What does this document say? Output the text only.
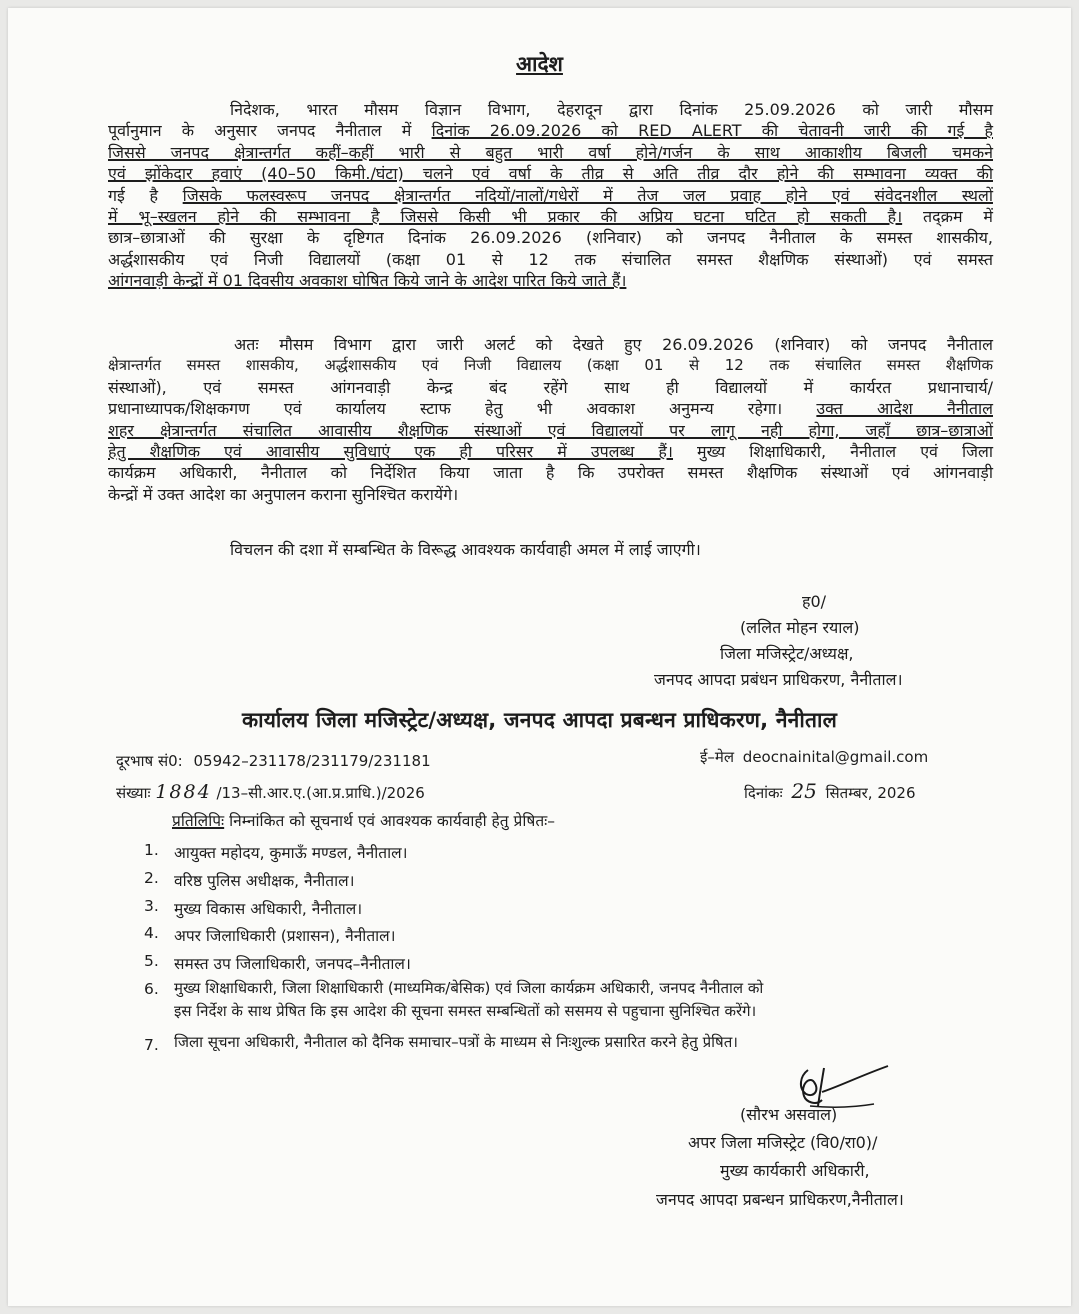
आदेश
निदेशक, भारत मौसम विज्ञान विभाग, देहरादून द्वारा दिनांक 25.09.2026 को जारी मौसम
पूर्वानुमान के अनुसार जनपद नैनीताल में दिनांक 26.09.2026 को RED ALERT की चेतावनी जारी की गई है
जिससे जनपद क्षेत्रान्तर्गत कहीं–कहीं भारी से बहुत भारी वर्षा होने/गर्जन के साथ आकाशीय बिजली चमकने
एवं झोंकेदार हवाएं (40–50 किमी./घंटा) चलने एवं वर्षा के तीव्र से अति तीव्र दौर होने की सम्भावना व्यक्त की
गई है जिसके फलस्वरूप जनपद क्षेत्रान्तर्गत नदियों/नालों/गधेरों में तेज जल प्रवाह होने एवं संवेदनशील स्थलों
में भू–स्खलन होने की सम्भावना है जिससे किसी भी प्रकार की अप्रिय घटना घटित हो सकती है। तद्क्रम में
छात्र–छात्राओं की सुरक्षा के दृष्टिगत दिनांक 26.09.2026 (शनिवार) को जनपद नैनीताल के समस्त शासकीय,
अर्द्धशासकीय एवं निजी विद्यालयों (कक्षा 01 से 12 तक संचालित समस्त शैक्षणिक संस्थाओं) एवं समस्त
आंगनवाड़ी केन्द्रों में 01 दिवसीय अवकाश घोषित किये जाने के आदेश पारित किये जाते हैं।
अतः मौसम विभाग द्वारा जारी अलर्ट को देखते हुए 26.09.2026 (शनिवार) को जनपद नैनीताल
क्षेत्रान्तर्गत समस्त शासकीय, अर्द्धशासकीय एवं निजी विद्यालय (कक्षा 01 से 12 तक संचालित समस्त शैक्षणिक
संस्थाओं), एवं समस्त आंगनवाड़ी केन्द्र बंद रहेंगे साथ ही विद्यालयों में कार्यरत प्रधानाचार्य/
प्रधानाध्यापक/शिक्षकगण एवं कार्यालय स्टाफ हेतु भी अवकाश अनुमन्य रहेगा। उक्त आदेश नैनीताल
शहर क्षेत्रान्तर्गत संचालित आवासीय शैक्षणिक संस्थाओं एवं विद्यालयों पर लागू नही होगा, जहाँ छात्र–छात्राओं
हेतु शैक्षणिक एवं आवासीय सुविधाएं एक ही परिसर में उपलब्ध हैं। मुख्य शिक्षाधिकारी, नैनीताल एवं जिला
कार्यक्रम अधिकारी, नैनीताल को निर्देशित किया जाता है कि उपरोक्त समस्त शैक्षणिक संस्थाओं एवं आंगनवाड़ी
केन्द्रों में उक्त आदेश का अनुपालन कराना सुनिश्चित करायेंगे।
विचलन की दशा में सम्बन्धित के विरूद्ध आवश्यक कार्यवाही अमल में लाई जाएगी।
ह0/
(ललित मोहन रयाल)
जिला मजिस्ट्रेट/अध्यक्ष,
जनपद आपदा प्रबंधन प्राधिकरण, नैनीताल।
कार्यालय जिला मजिस्ट्रेट/अध्यक्ष, जनपद आपदा प्रबन्धन प्राधिकरण, नैनीताल
दूरभाष सं0: 05942–231178/231179/231181	ई–मेल deocnainital@gmail.com
संख्याः 1884 /13–सी.आर.ए.(आ.प्र.प्राधि.)/2026	दिनांकः 25 सितम्बर, 2026
प्रतिलिपिः निम्नांकित को सूचनार्थ एवं आवश्यक कार्यवाही हेतु प्रेषितः–
1. आयुक्त महोदय, कुमाऊँ मण्डल, नैनीताल।
2. वरिष्ठ पुलिस अधीक्षक, नैनीताल।
3. मुख्य विकास अधिकारी, नैनीताल।
4. अपर जिलाधिकारी (प्रशासन), नैनीताल।
5. समस्त उप जिलाधिकारी, जनपद–नैनीताल।
6. मुख्य शिक्षाधिकारी, जिला शिक्षाधिकारी (माध्यमिक/बेसिक) एवं जिला कार्यक्रम अधिकारी, जनपद नैनीताल को
इस निर्देश के साथ प्रेषित कि इस आदेश की सूचना समस्त सम्बन्धितों को ससमय से पहुचाना सुनिश्चित करेंगे।
7. जिला सूचना अधिकारी, नैनीताल को दैनिक समाचार–पत्रों के माध्यम से निःशुल्क प्रसारित करने हेतु प्रेषित।
(सौरभ असवाल)
अपर जिला मजिस्ट्रेट (वि0/रा0)/
मुख्य कार्यकारी अधिकारी,
जनपद आपदा प्रबन्धन प्राधिकरण,नैनीताल।
